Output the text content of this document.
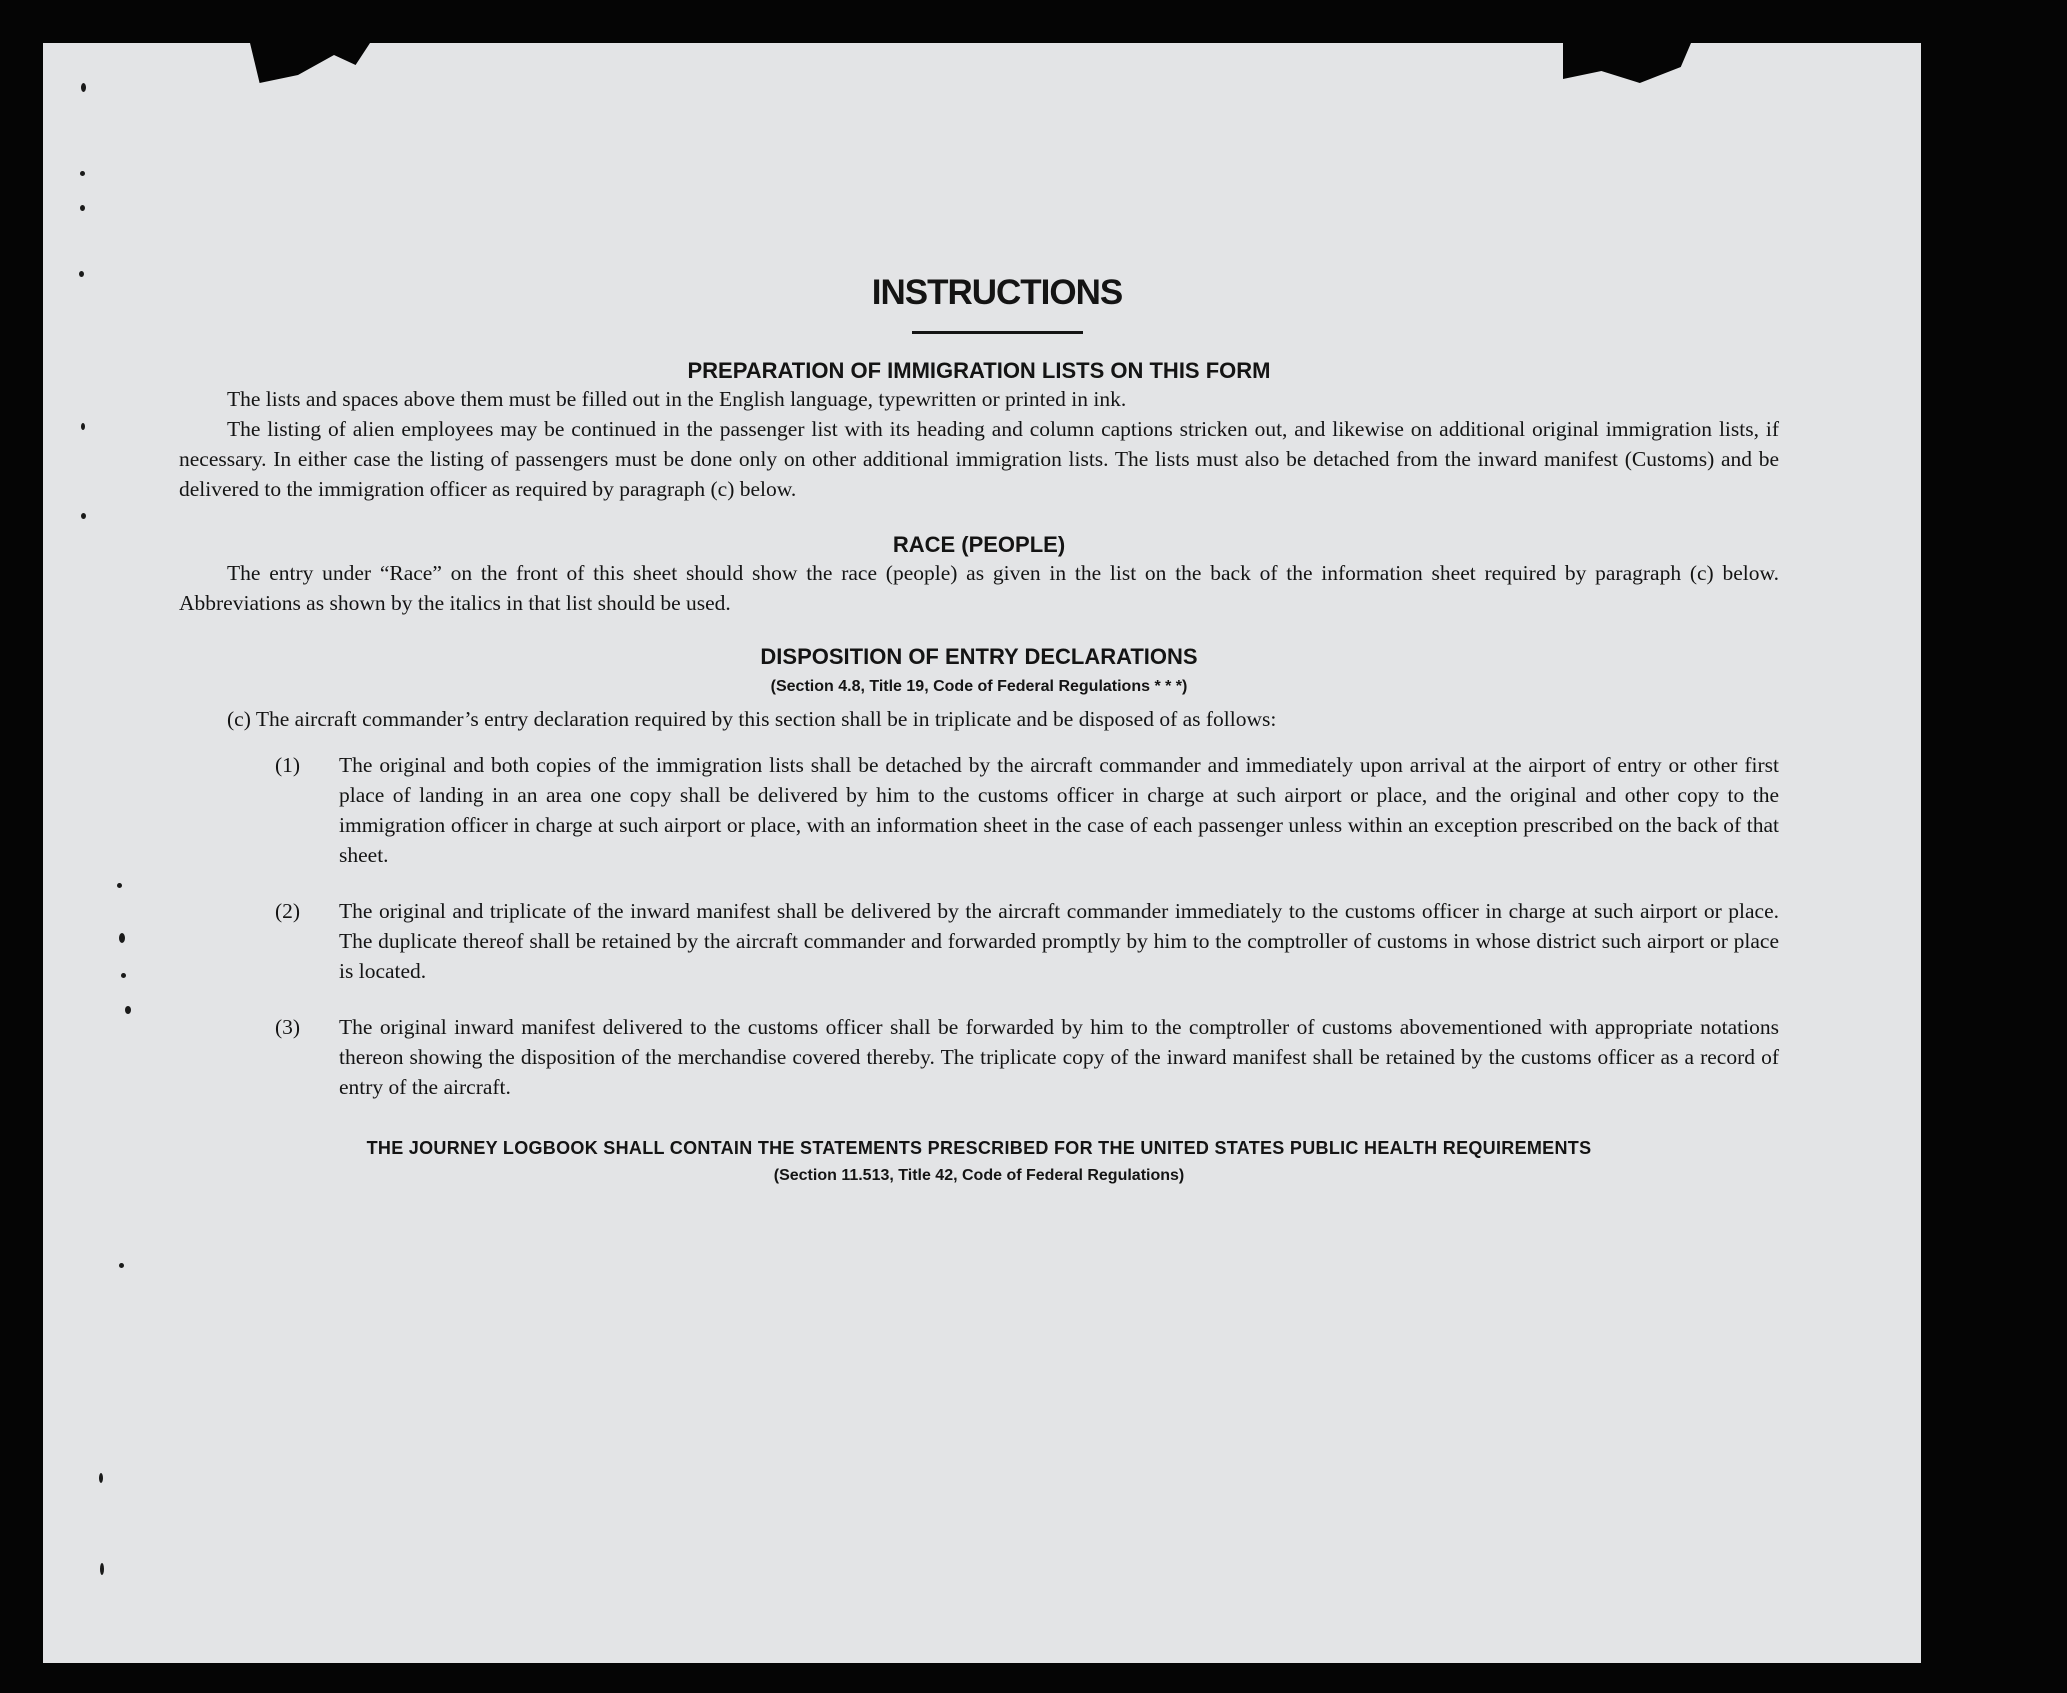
INSTRUCTIONS
PREPARATION OF IMMIGRATION LISTS ON THIS FORM

The lists and spaces above them must be filled out in the English language, typewritten or printed in ink.

The listing of alien employees may be continued in the passenger list with its heading and column captions stricken out, and likewise on additional original immigration lists, if necessary. In either case the listing of passengers must be done only on other additional immigration lists. The lists must also be detached from the inward manifest (Customs) and be delivered to the immigration officer as required by paragraph (c) below.

RACE (PEOPLE)

The entry under “Race” on the front of this sheet should show the race (people) as given in the list on the back of the information sheet required by paragraph (c) below. Abbreviations as shown by the italics in that list should be used.

DISPOSITION OF ENTRY DECLARATIONS
(Section 4.8, Title 19, Code of Federal Regulations * * *)
(c) The aircraft commander’s entry declaration required by this section shall be in triplicate and be disposed of as follows:
(1) The original and both copies of the immigration lists shall be detached by the aircraft commander and immediately upon arrival at the airport of entry or other first place of landing in an area one copy shall be delivered by him to the customs officer in charge at such airport or place, and the original and other copy to the immigration officer in charge at such airport or place, with an information sheet in the case of each passenger unless within an exception prescribed on the back of that sheet.
(2) The original and triplicate of the inward manifest shall be delivered by the aircraft commander immediately to the customs officer in charge at such airport or place. The duplicate thereof shall be retained by the aircraft commander and forwarded promptly by him to the comptroller of customs in whose district such airport or place is located.
(3) The original inward manifest delivered to the customs officer shall be forwarded by him to the comptroller of customs abovementioned with appropriate notations thereon showing the disposition of the merchandise covered thereby. The triplicate copy of the inward manifest shall be retained by the customs officer as a record of entry of the aircraft.
THE JOURNEY LOGBOOK SHALL CONTAIN THE STATEMENTS PRESCRIBED FOR THE UNITED STATES PUBLIC HEALTH REQUIREMENTS
(Section 11.513, Title 42, Code of Federal Regulations)
